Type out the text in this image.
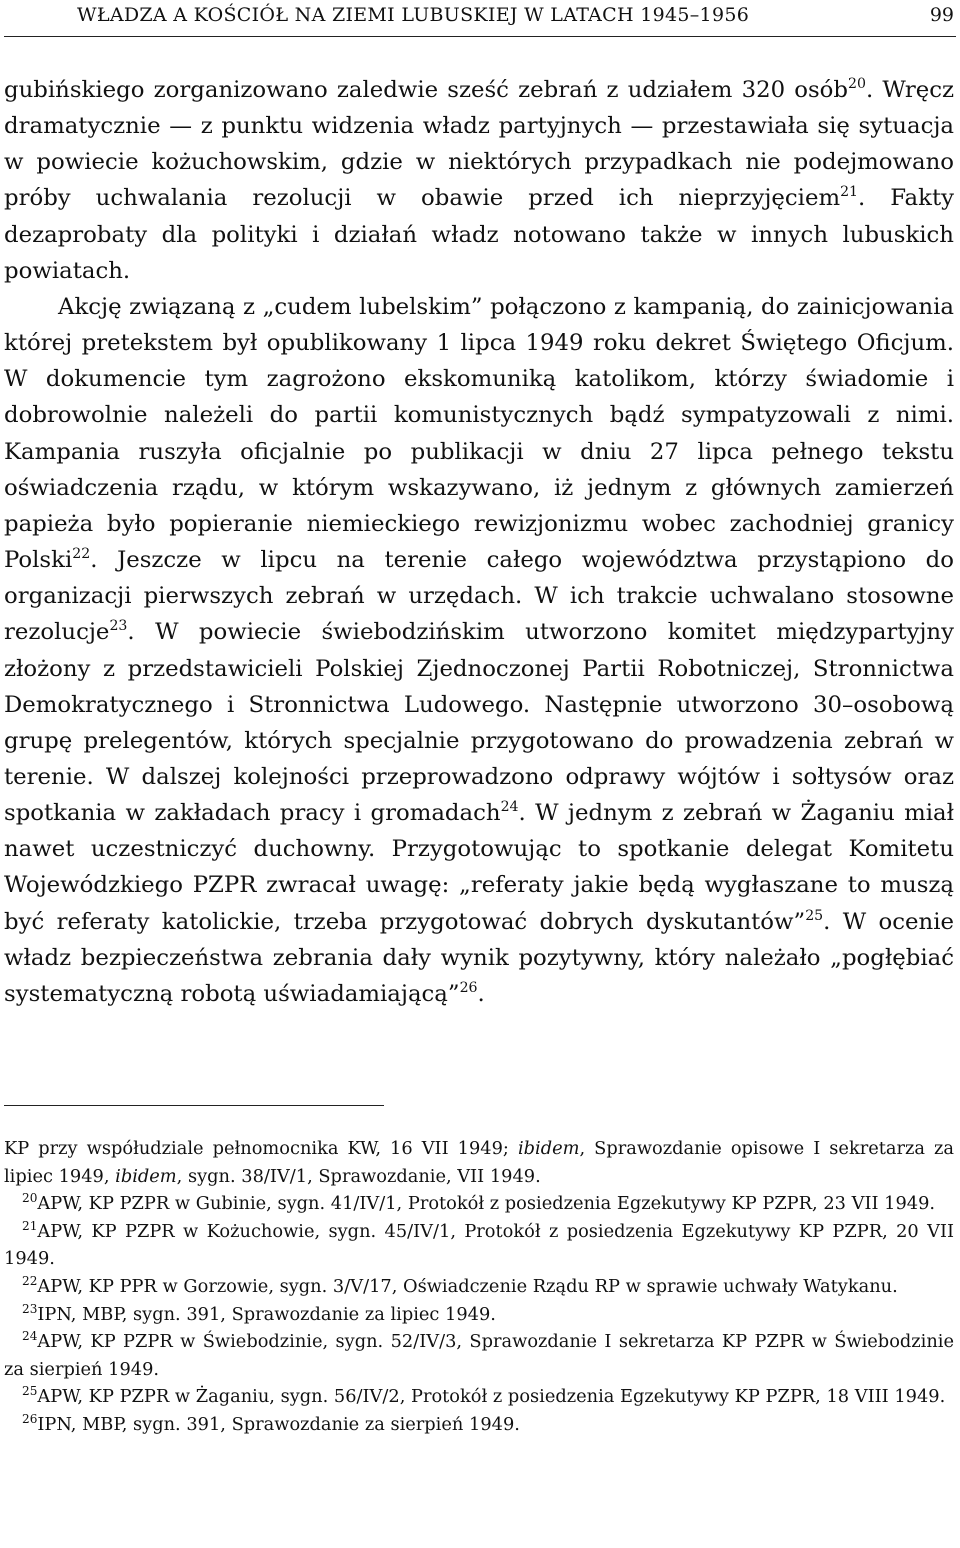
WŁADZA A KOŚCIÓŁ NA ZIEMI LUBUSKIEJ W LATACH 1945–1956	99

gubińskiego zorganizowano zaledwie sześć zebrań z udziałem 320 osób$^{20}$. Wręcz dramatycznie — z punktu widzenia władz partyjnych — przestawiała się sytuacja w powiecie kożuchowskim, gdzie w niektórych przypadkach nie podejmowano próby uchwalania rezolucji w obawie przed ich nieprzyjęciem$^{21}$. Fakty dezaprobaty dla polityki i działań władz notowano także w innych lubuskich powiatach.

Akcję związaną z „cudem lubelskim” połączono z kampanią, do zainicjowania której pretekstem był opublikowany 1 lipca 1949 roku dekret Świętego Oficjum. W dokumencie tym zagrożono ekskomuniką katolikom, którzy świadomie i dobrowolnie należeli do partii komunistycznych bądź sympatyzowali z nimi. Kampania ruszyła oficjalnie po publikacji w dniu 27 lipca pełnego tekstu oświadczenia rządu, w którym wskazywano, iż jednym z głównych zamierzeń papieża było popieranie niemieckiego rewizjonizmu wobec zachodniej granicy Polski$^{22}$. Jeszcze w lipcu na terenie całego województwa przystąpiono do organizacji pierwszych zebrań w urzędach. W ich trakcie uchwalano stosowne rezolucje$^{23}$. W powiecie świebodzińskim utworzono komitet międzypartyjny złożony z przedstawicieli Polskiej Zjednoczonej Partii Robotniczej, Stronnictwa Demokratycznego i Stronnictwa Ludowego. Następnie utworzono 30–osobową grupę prelegentów, których specjalnie przygotowano do prowadzenia zebrań w terenie. W dalszej kolejności przeprowadzono odprawy wójtów i sołtysów oraz spotkania w zakładach pracy i gromadach$^{24}$. W jednym z zebrań w Żaganiu miał nawet uczestniczyć duchowny. Przygotowując to spotkanie delegat Komitetu Wojewódzkiego PZPR zwracał uwagę: „referaty jakie będą wygłaszane to muszą być referaty katolickie, trzeba przygotować dobrych dyskutantów”$^{25}$. W ocenie władz bezpieczeństwa zebrania dały wynik pozytywny, który należało „pogłębiać systematyczną robotą uświadamiającą”$^{26}$.

KP przy współudziale pełnomocnika KW, 16 VII 1949; ibidem, Sprawozdanie opisowe I sekretarza za lipiec 1949, ibidem, sygn. 38/IV/1, Sprawozdanie, VII 1949.

$^{20}$APW, KP PZPR w Gubinie, sygn. 41/IV/1, Protokół z posiedzenia Egzekutywy KP PZPR, 23 VII 1949.

$^{21}$APW, KP PZPR w Kożuchowie, sygn. 45/IV/1, Protokół z posiedzenia Egzekutywy KP PZPR, 20 VII 1949.

$^{22}$APW, KP PPR w Gorzowie, sygn. 3/V/17, Oświadczenie Rządu RP w sprawie uchwały Watykanu.

$^{23}$IPN, MBP, sygn. 391, Sprawozdanie za lipiec 1949.

$^{24}$APW, KP PZPR w Świebodzinie, sygn. 52/IV/3, Sprawozdanie I sekretarza KP PZPR w Świebodzinie za sierpień 1949.

$^{25}$APW, KP PZPR w Żaganiu, sygn. 56/IV/2, Protokół z posiedzenia Egzekutywy KP PZPR, 18 VIII 1949.

$^{26}$IPN, MBP, sygn. 391, Sprawozdanie za sierpień 1949.
